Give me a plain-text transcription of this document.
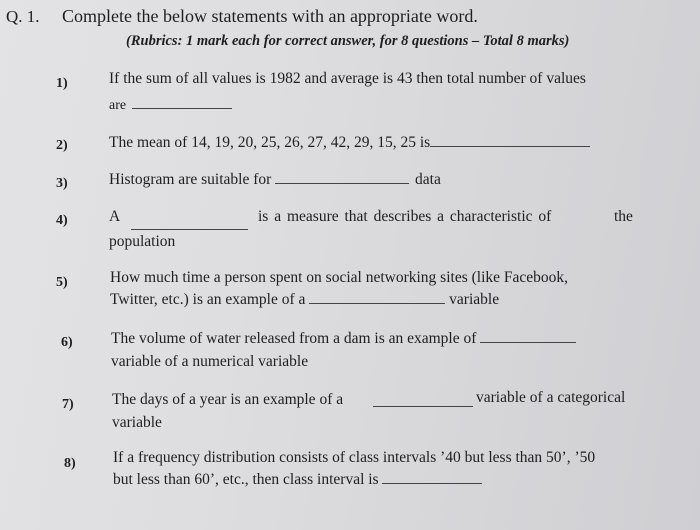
Q. 1. Complete the below statements with an appropriate word.
(Rubrics: 1 mark each for correct answer, for 8 questions – Total 8 marks)
1)	If the sum of all values is 1982 and average is 43 then total number of values
are
2)	The mean of 14, 19, 20, 25, 26, 27, 42, 29, 15, 25 is
3)	Histogram are suitable for	data
4)	A	is a measure that describes a characteristic of	the
population
5)	How much time a person spent on social networking sites (like Facebook,
Twitter, etc.) is an example of a	variable
6) The volume of water released from a dam is an example of
variable of a numerical variable
7) The days of a year is an example of a	variable of a categorical
variable
8) If a frequency distribution consists of class intervals ’40 but less than 50’, ’50
but less than 60’, etc., then class interval is
